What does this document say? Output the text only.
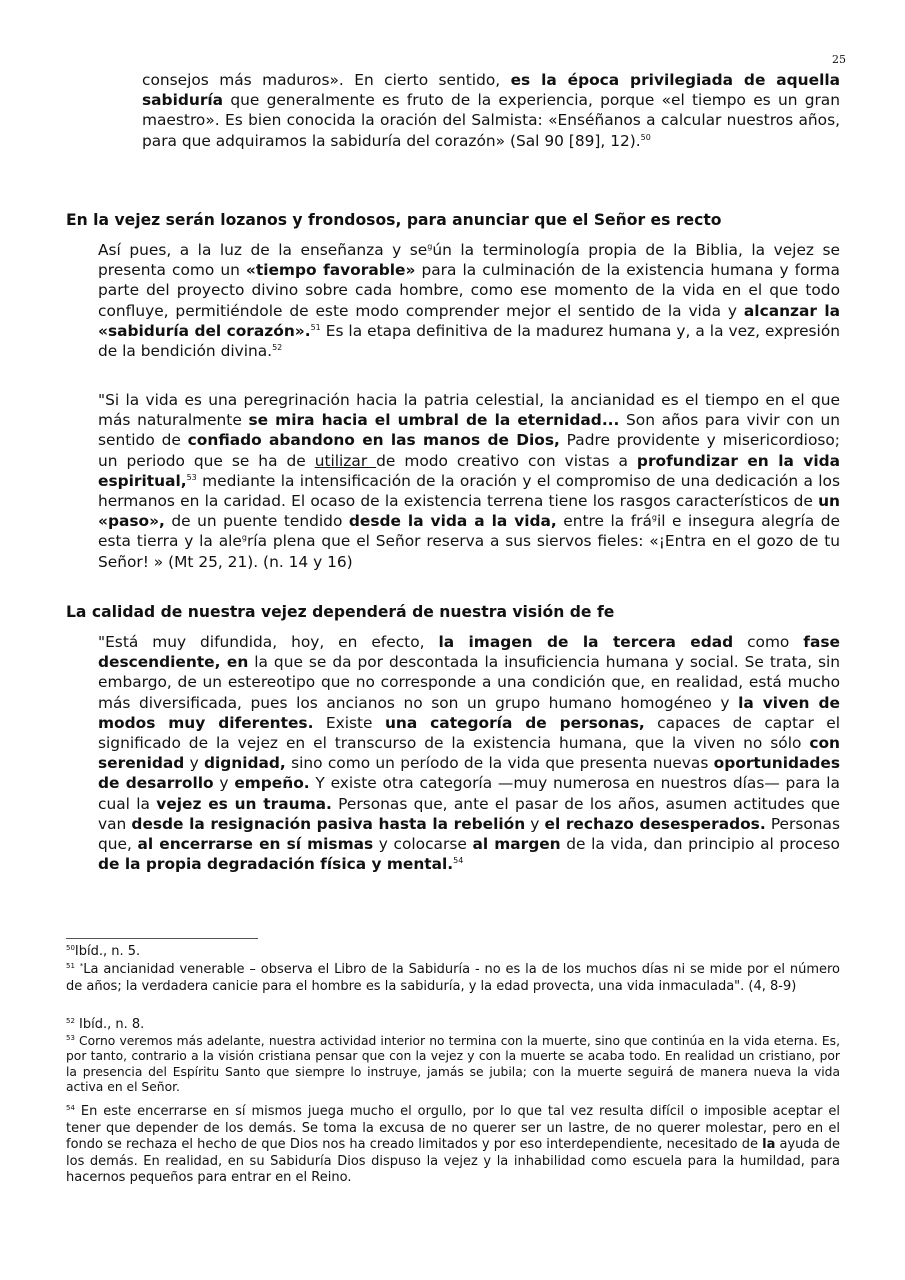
25
consejos más maduros». En cierto sentido, es la época privilegiada de aquella sabiduría que generalmente es fruto de la experiencia, porque «el tiempo es un gran maestro». Es bien conocida la oración del Salmista: «Enséñanos a calcular nuestros años, para que adquiramos la sabiduría del corazón» (Sal 90 [89], 12).$^{50}$
En la vejez serán lozanos y frondosos, para anunciar que el Señor es recto
Así pues, a la luz de la enseñanza y $se^gún$ la terminología propia de la Biblia, la vejez se presenta como un «tiempo favorable» para la culminación de la existencia humana y forma parte del proyecto divino sobre cada hombre, como ese momento de la vida en el que todo confluye, permitiéndole de este modo comprender mejor el sentido de la vida y alcanzar la «sabiduría del corazón».$^{51}$ Es la etapa definitiva de la madurez humana y, a la vez, expresión de la bendición divina.$^{52}$
"Si la vida es una peregrinación hacia la patria celestial, la ancianidad es el tiempo en el que más naturalmente se mira hacia el umbral de la eternidad... Son años para vivir con un sentido de confiado abandono en las manos de Dios, Padre providente y misericordioso; un periodo que se ha de utilizar de modo creativo con vistas a profundizar en la vida espiritual,$^{53}$ mediante la intensificación de la oración y el compromiso de una dedicación a los hermanos en la caridad. El ocaso de la existencia terrena tiene los rasgos característicos de un «paso», de un puente tendido desde la vida a la vida, entre la frá$^g$il e insegura alegría de esta tierra y la ale$^g$ría plena que el Señor reserva a sus siervos fieles: «¡Entra en el gozo de tu Señor! » (Mt 25, 21). (n. 14 y 16)
La calidad de nuestra vejez dependerá de nuestra visión de fe
"Está muy difundida, hoy, en efecto, la imagen de la tercera edad como fase descendiente, en la que se da por descontada la insuficiencia humana y social. Se trata, sin embargo, de un estereotipo que no corresponde a una condición que, en realidad, está mucho más diversificada, pues los ancianos no son un grupo humano homogéneo y la viven de modos muy diferentes. Existe una categoría de personas, capaces de captar el significado de la vejez en el transcurso de la existencia humana, que la viven no sólo con serenidad y dignidad, sino como un período de la vida que presenta nuevas oportunidades de desarrollo y empeño. Y existe otra categoría —muy numerosa en nuestros días— para la cual la vejez es un trauma. Personas que, ante el pasar de los años, asumen actitudes que van desde la resignación pasiva hasta la rebelión y el rechazo desesperados. Personas que, al encerrarse en sí mismas y colocarse al margen de la vida, dan principio al proceso de la propia degradación física y mental.$^{54}$
$^{50}$Ibíd., n. 5.
$^{51}$ *La ancianidad venerable – observa el Libro de la Sabiduría - no es la de los muchos días ni se mide por el número de años; la verdadera canicie para el hombre es la sabiduría, y la edad provecta, una vida inmaculada". (4, 8-9)
$^{52}$ Ibíd., n. 8.
$^{53}$ Corno veremos más adelante, nuestra actividad interior no termina con la muerte, sino que continúa en la vida eterna. Es, por tanto, contrario a la visión cristiana pensar que con la vejez y con la muerte se acaba todo. En realidad un cristiano, por la presencia del Espíritu Santo que siempre lo instruye, jamás se jubila; con la muerte seguirá de manera nueva la vida activa en el Señor.
$^{54}$ En este encerrarse en sí mismos juega mucho el orgullo, por lo que tal vez resulta difícil o imposible aceptar el tener que depender de los demás. Se toma la excusa de no querer ser un lastre, de no querer molestar, pero en el fondo se rechaza el hecho de que Dios nos ha creado limitados y por eso interdependiente, necesitado de la ayuda de los demás. En realidad, en su Sabiduría Dios dispuso la vejez y la inhabilidad como escuela para la humildad, para hacernos pequeños para entrar en el Reino.
